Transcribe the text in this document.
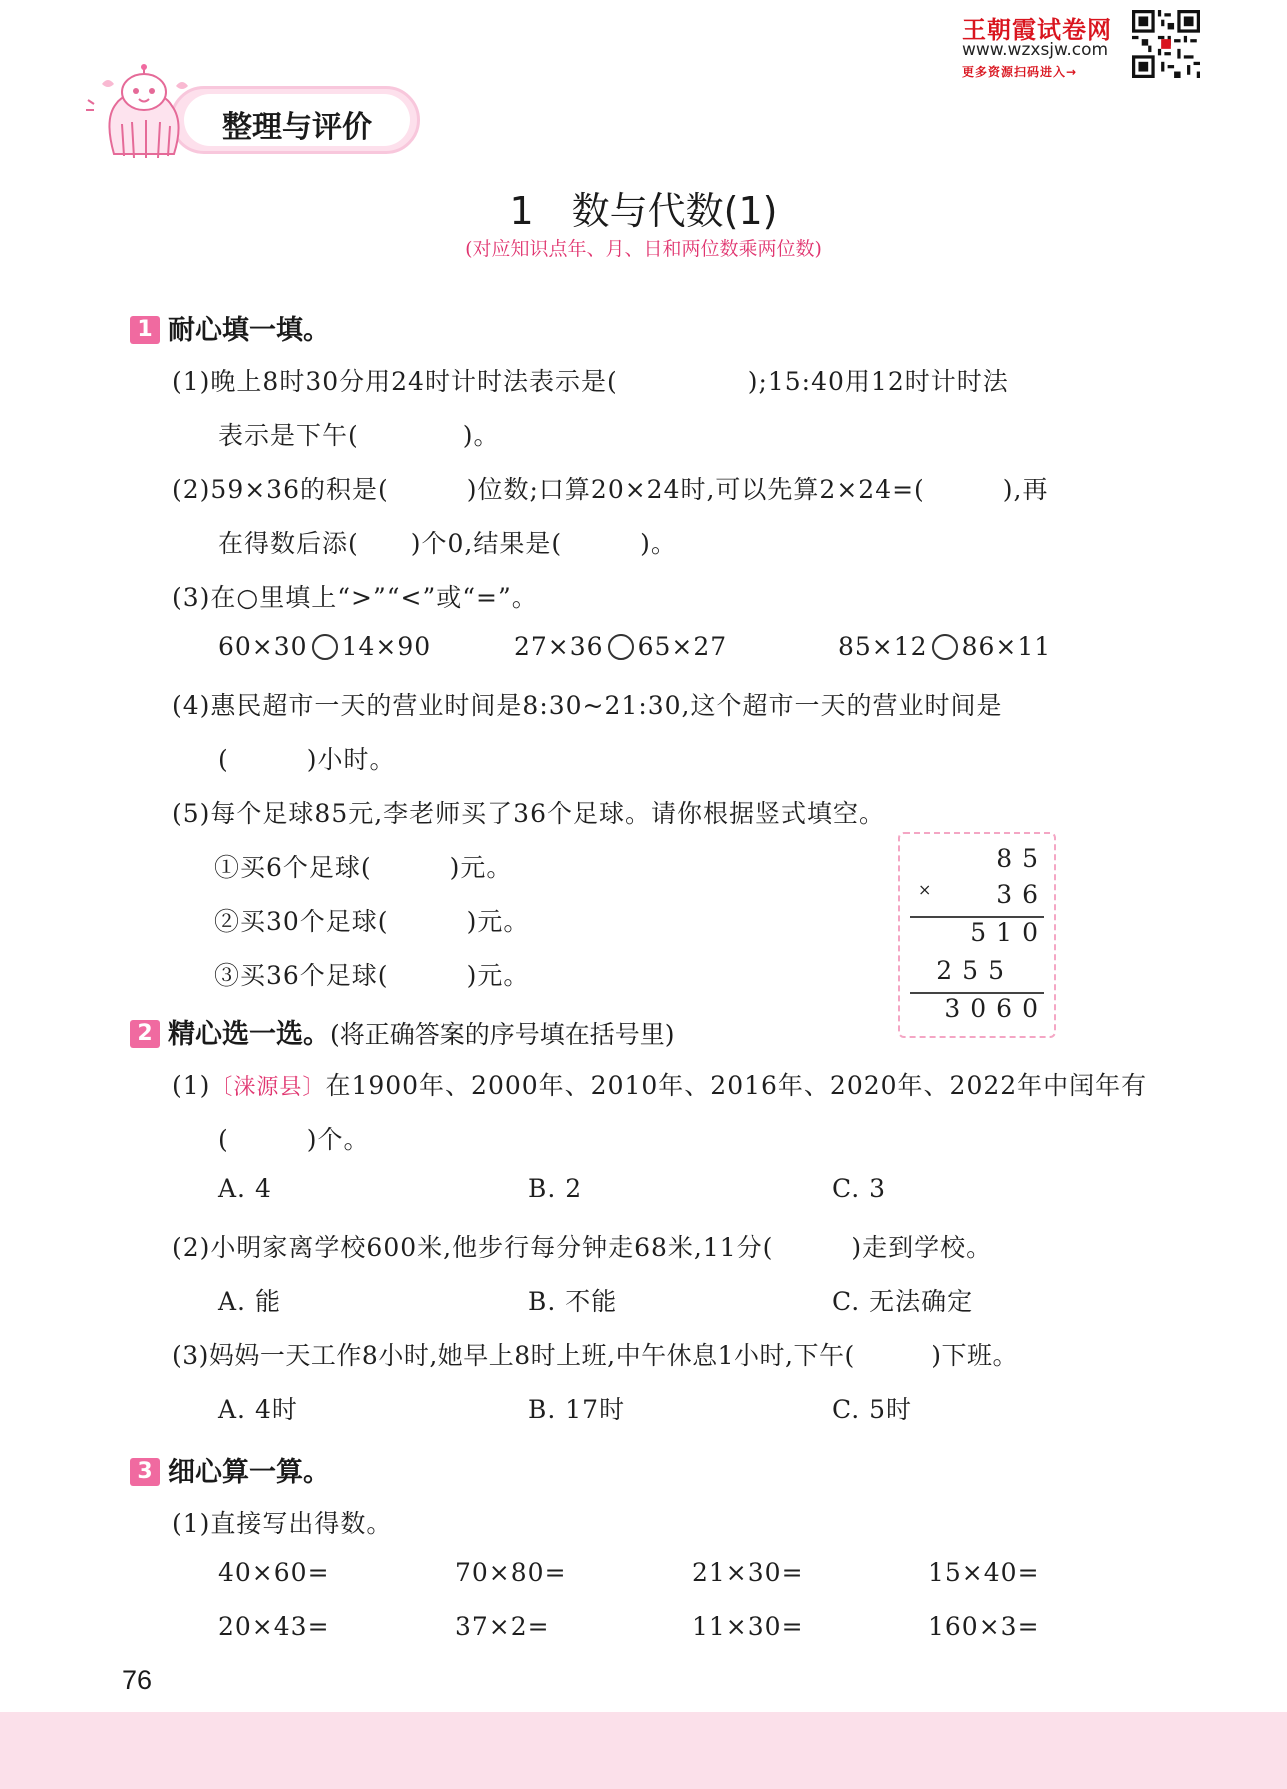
王朝霞试卷网
www.wzxsjw.com
更多资源扫码进入→
整理与评价
1　数与代数(1)
(对应知识点年、月、日和两位数乘两位数)
1 耐心填一填。
(1)晚上8时30分用24时计时法表示是(　　　　　);15:40用12时计时法
表示是下午(　　　　)。
(2)59×36的积是(　　　)位数;口算20×24时,可以先算2×24=(　　　),再
在得数后添(　　)个0,结果是(　　　)。
(3)在○里填上“>”“<”或“=”。
60×30 14×90	27×36 65×27	85×12 86×11
(4)惠民超市一天的营业时间是8:30~21:30,这个超市一天的营业时间是
(　　　)小时。
(5)每个足球85元,李老师买了36个足球。请你根据竖式填空。
①买6个足球(　　　)元。
②买30个足球(　　　)元。
③买36个足球(　　　)元。
85
×	36
510
255
3060
2 精心选一选。(将正确答案的序号填在括号里)
(1)〔涞源县〕在1900年、2000年、2010年、2016年、2020年、2022年中闰年有
(　　　)个。
A. 4	B. 2	C. 3
(2)小明家离学校600米,他步行每分钟走68米,11分(　　　)走到学校。
A. 能	B. 不能	C. 无法确定
(3)妈妈一天工作8小时,她早上8时上班,中午休息1小时,下午(　　　)下班。
A. 4时	B. 17时	C. 5时
3 细心算一算。
(1)直接写出得数。
40×60=	70×80=	21×30=	15×40=
20×43=	37×2=	11×30=	160×3=
76
